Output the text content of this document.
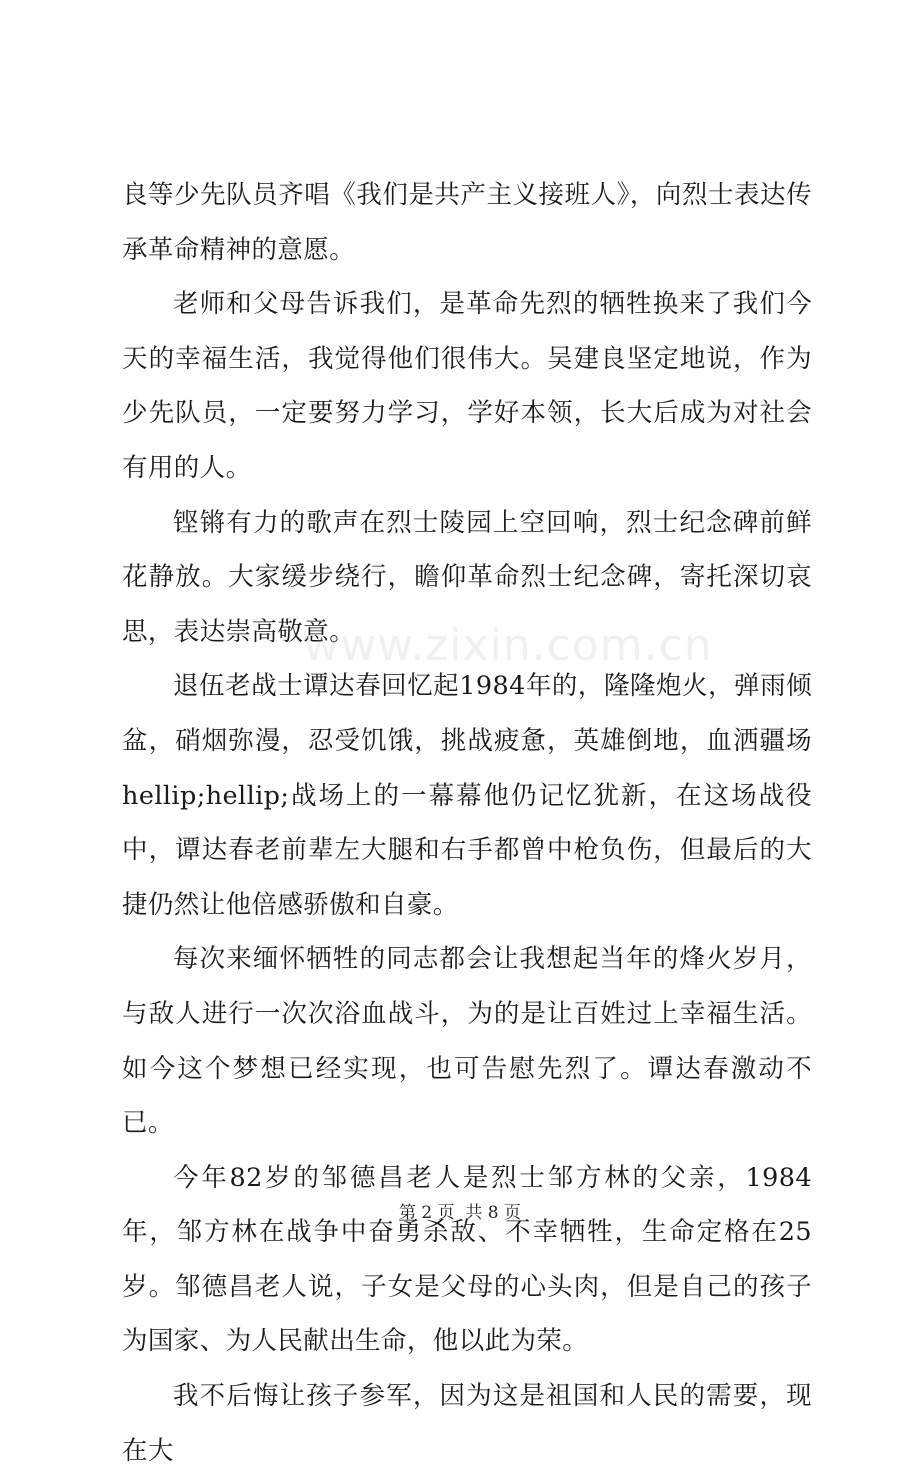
良等少先队员齐唱《我们是共产主义接班人》，向烈士表达传承革命精神的意愿。

老师和父母告诉我们，是革命先烈的牺牲换来了我们今天的幸福生活，我觉得他们很伟大。吴建良坚定地说，作为少先队员，一定要努力学习，学好本领，长大后成为对社会有用的人。

铿锵有力的歌声在烈士陵园上空回响，烈士纪念碑前鲜花静放。大家缓步绕行，瞻仰革命烈士纪念碑，寄托深切哀思，表达崇高敬意。

退伍老战士谭达春回忆起1984年的，隆隆炮火，弹雨倾盆，硝烟弥漫，忍受饥饿，挑战疲惫，英雄倒地，血洒疆场hellip;hellip;战场上的一幕幕他仍记忆犹新，在这场战役中，谭达春老前辈左大腿和右手都曾中枪负伤，但最后的大捷仍然让他倍感骄傲和自豪。

每次来缅怀牺牲的同志都会让我想起当年的烽火岁月，与敌人进行一次次浴血战斗，为的是让百姓过上幸福生活。如今这个梦想已经实现，也可告慰先烈了。谭达春激动不已。

今年82岁的邹德昌老人是烈士邹方林的父亲，1984年，邹方林在战争中奋勇杀敌、不幸牺牲，生命定格在25岁。邹德昌老人说，子女是父母的心头肉，但是自己的孩子为国家、为人民献出生命，他以此为荣。

我不后悔让孩子参军，因为这是祖国和人民的需要，现在大

www.zixin.com.cn
第 2 页  共 8 页
